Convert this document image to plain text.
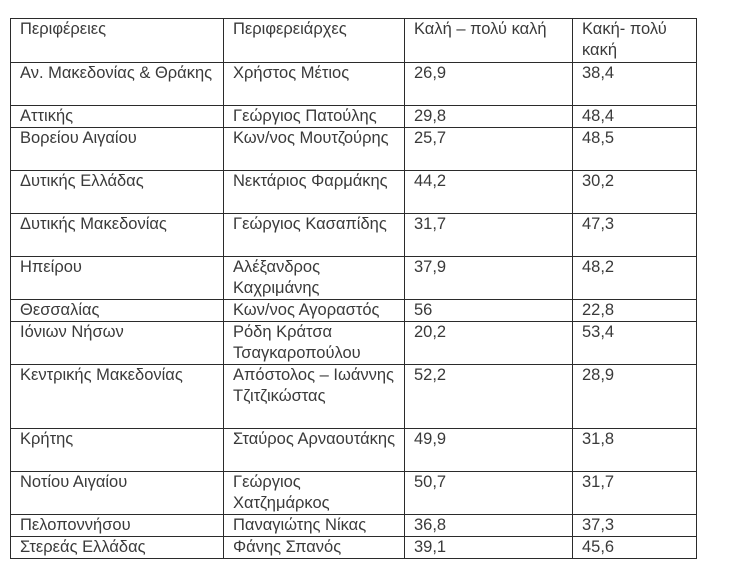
Περιφέρειες	Περιφερειάρχες	Καλή – πολύ καλή	Κακή- πολύ κακή
Αν. Μακεδονίας & Θράκης	Χρήστος Μέτιος	26,9	38,4
Αττικής	Γεώργιος Πατούλης	29,8	48,4
Βορείου Αιγαίου	Κων/νος Μουτζούρης	25,7	48,5
Δυτικής Ελλάδας	Νεκτάριος Φαρμάκης	44,2	30,2
Δυτικής Μακεδονίας	Γεώργιος Κασαπίδης	31,7	47,3
Ηπείρου	Αλέξανδρος Καχριμάνης	37,9	48,2
Θεσσαλίας	Κων/νος Αγοραστός	56	22,8
Ιόνιων Νήσων	Ρόδη Κράτσα Τσαγκαροπούλου	20,2	53,4
Κεντρικής Μακεδονίας	Απόστολος – Ιωάννης Τζιτζικώστας	52,2	28,9
Κρήτης	Σταύρος Αρναουτάκης	49,9	31,8
Νοτίου Αιγαίου	Γεώργιος Χατζημάρκος	50,7	31,7
Πελοποννήσου	Παναγιώτης Νίκας	36,8	37,3
Στερεάς Ελλάδας	Φάνης Σπανός	39,1	45,6
